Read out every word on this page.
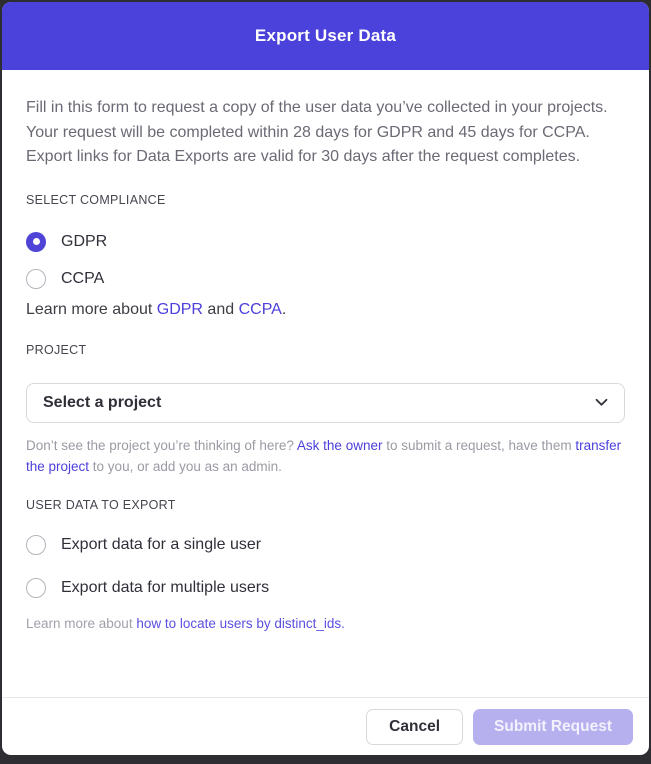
Export User Data

Fill in this form to request a copy of the user data you’ve collected in your projects. Your request will be completed within 28 days for GDPR and 45 days for CCPA. Export links for Data Exports are valid for 30 days after the request completes.

SELECT COMPLIANCE
GDPR
CCPA
Learn more about GDPR and CCPA.
PROJECT
Select a project
Don’t see the project you’re thinking of here? Ask the owner to submit a request, have them transfer the project to you, or add you as an admin.
USER DATA TO EXPORT
Export data for a single user
Export data for multiple users
Learn more about how to locate users by distinct_ids.
Cancel	Submit Request
